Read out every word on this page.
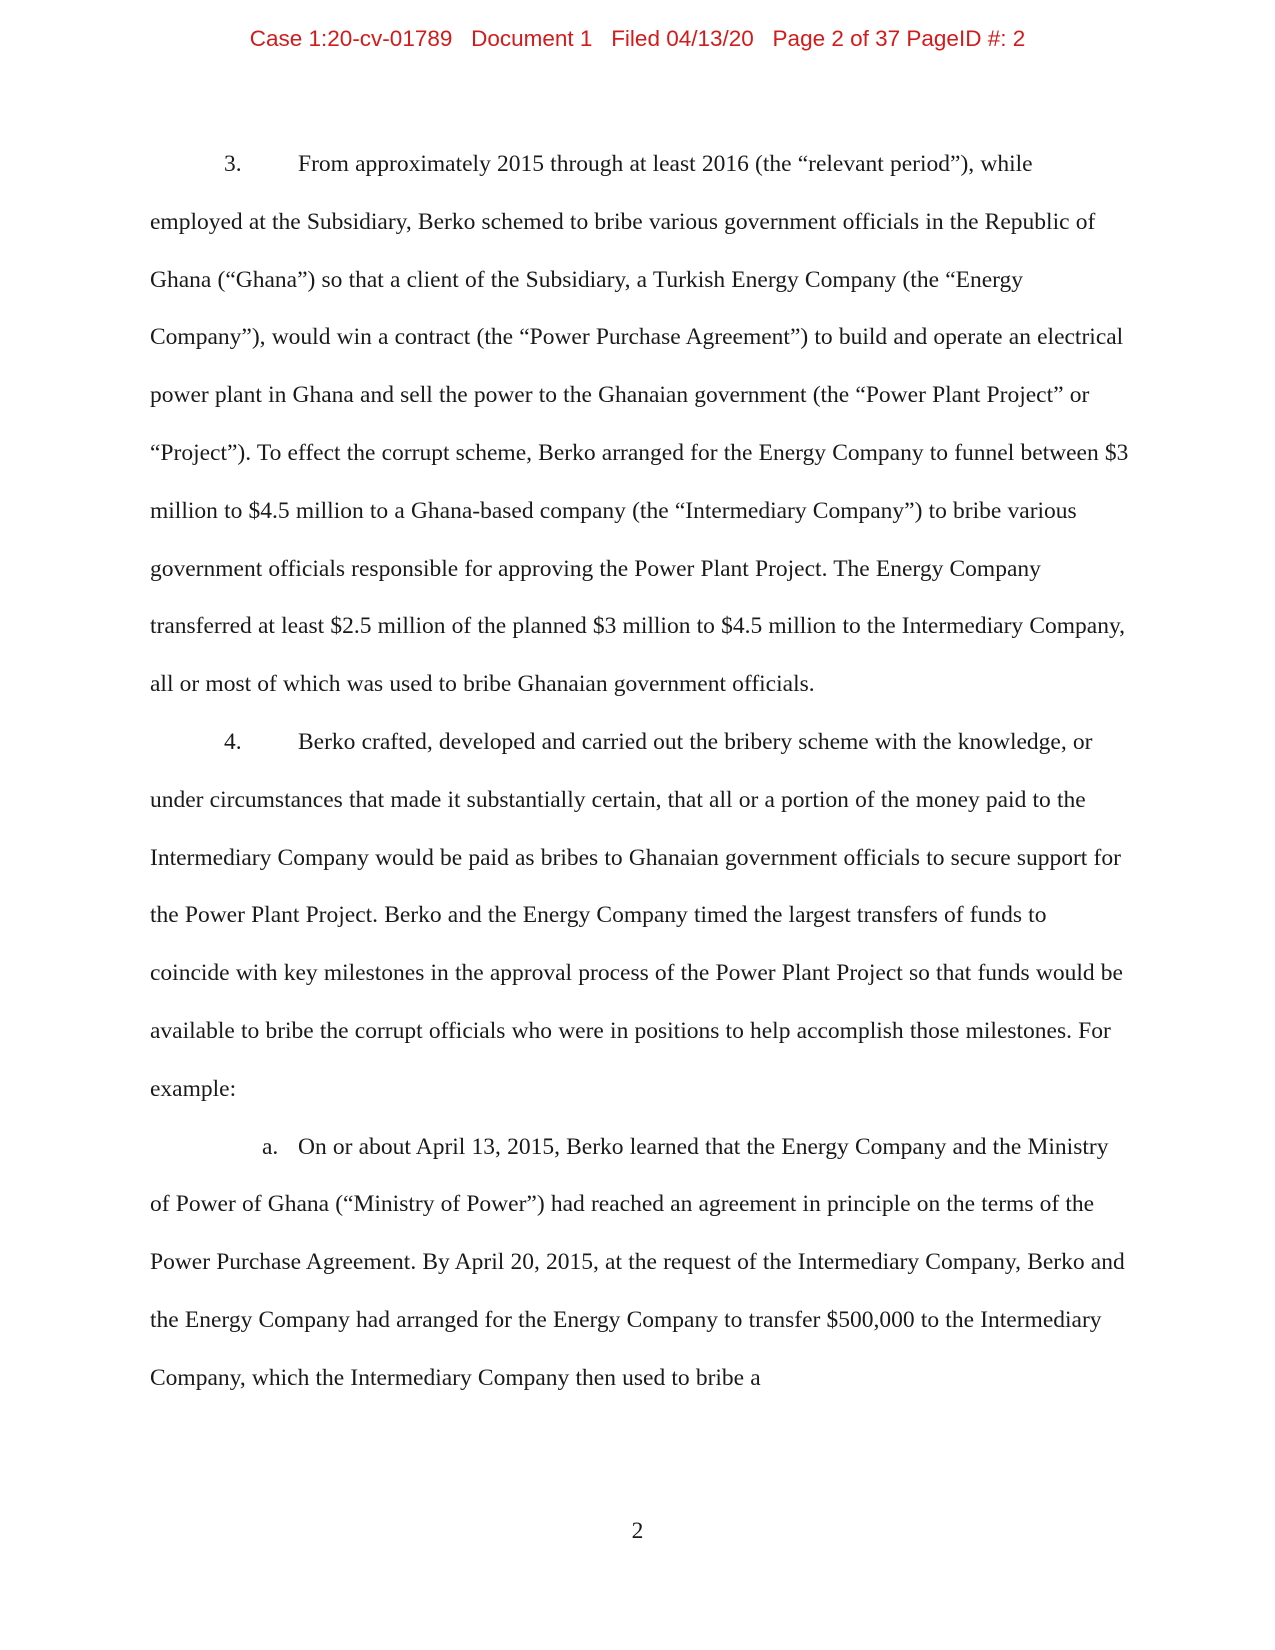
Case 1:20-cv-01789   Document 1   Filed 04/13/20   Page 2 of 37 PageID #: 2

3. From approximately 2015 through at least 2016 (the “relevant period”), while employed at the Subsidiary, Berko schemed to bribe various government officials in the Republic of Ghana (“Ghana”) so that a client of the Subsidiary, a Turkish Energy Company (the “Energy Company”), would win a contract (the “Power Purchase Agreement”) to build and operate an electrical power plant in Ghana and sell the power to the Ghanaian government (the “Power Plant Project” or “Project”). To effect the corrupt scheme, Berko arranged for the Energy Company to funnel between $3 million to $4.5 million to a Ghana-based company (the “Intermediary Company”) to bribe various government officials responsible for approving the Power Plant Project. The Energy Company transferred at least $2.5 million of the planned $3 million to $4.5 million to the Intermediary Company, all or most of which was used to bribe Ghanaian government officials.

4. Berko crafted, developed and carried out the bribery scheme with the knowledge, or under circumstances that made it substantially certain, that all or a portion of the money paid to the Intermediary Company would be paid as bribes to Ghanaian government officials to secure support for the Power Plant Project. Berko and the Energy Company timed the largest transfers of funds to coincide with key milestones in the approval process of the Power Plant Project so that funds would be available to bribe the corrupt officials who were in positions to help accomplish those milestones. For example:

a. On or about April 13, 2015, Berko learned that the Energy Company and the Ministry of Power of Ghana (“Ministry of Power”) had reached an agreement in principle on the terms of the Power Purchase Agreement. By April 20, 2015, at the request of the Intermediary Company, Berko and the Energy Company had arranged for the Energy Company to transfer $500,000 to the Intermediary Company, which the Intermediary Company then used to bribe a

2
